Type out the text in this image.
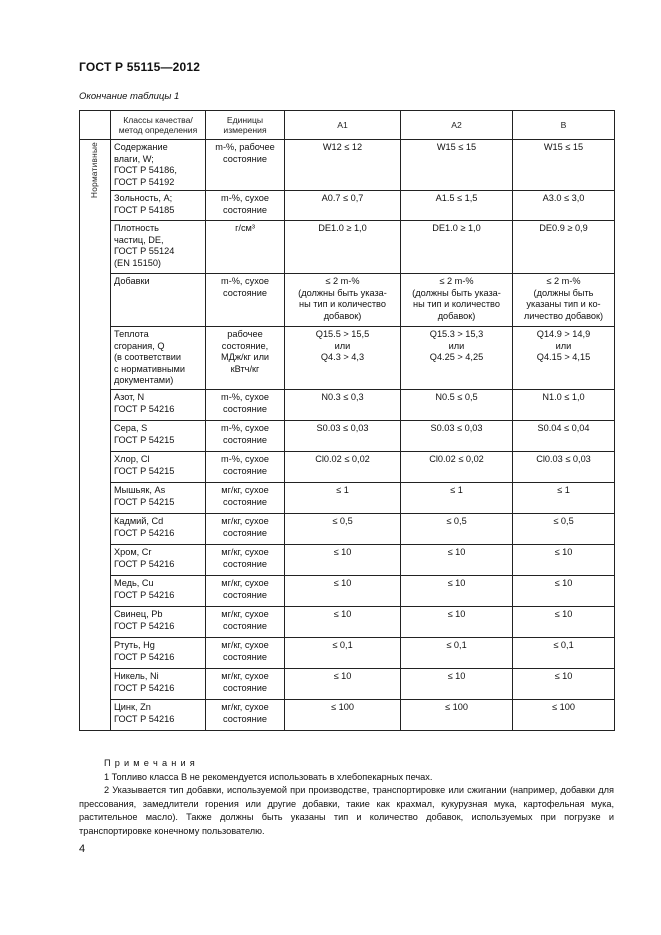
ГОСТ Р 55115—2012
Окончание таблицы 1
	Классы качества/
метод определения	Единицы
измерения	A1	A2	B

Нормативные	Содержание
влаги, W;
ГОСТ Р 54186,
ГОСТ Р 54192	m-%, рабочее
состояние	W12 ≤ 12	W15 ≤ 15	W15 ≤ 15
	Зольность, A;
ГОСТ Р 54185	m-%, сухое
состояние	A0.7 ≤ 0,7	A1.5 ≤ 1,5	A3.0 ≤ 3,0
	Плотность
частиц, DE,
ГОСТ Р 55124
(EN 15150)	г/см³	DE1.0 ≥ 1,0	DE1.0 ≥ 1,0	DE0.9 ≥ 0,9
	Добавки	m-%, сухое
состояние	≤ 2 m-%
(должны быть указа-
ны тип и количество
добавок)	≤ 2 m-%
(должны быть указа-
ны тип и количество
добавок)	≤ 2 m-%
(должны быть
указаны тип и ко-
личество добавок)
	Теплота
сгорания, Q
(в соответствии
с нормативными
документами)	рабочее
состояние,
МДж/кг или
кВтч/кг	Q15.5 > 15,5
или
Q4.3 > 4,3	Q15.3 > 15,3
или
Q4.25 > 4,25	Q14.9 > 14,9
или
Q4.15 > 4,15
	Азот, N
ГОСТ Р 54216	m-%, сухое
состояние	N0.3 ≤ 0,3	N0.5 ≤ 0,5	N1.0 ≤ 1,0
	Сера, S
ГОСТ Р 54215	m-%, сухое
состояние	S0.03 ≤ 0,03	S0.03 ≤ 0,03	S0.04 ≤ 0,04
	Хлор, Cl
ГОСТ Р 54215	m-%, сухое
состояние	Cl0.02 ≤ 0,02	Cl0.02 ≤ 0,02	Cl0.03 ≤ 0,03
	Мышьяк, As
ГОСТ Р 54215	мг/кг, сухое
состояние	≤ 1	≤ 1	≤ 1
	Кадмий, Cd
ГОСТ Р 54216	мг/кг, сухое
состояние	≤ 0,5	≤ 0,5	≤ 0,5
	Хром, Cr
ГОСТ Р 54216	мг/кг, сухое
состояние	≤ 10	≤ 10	≤ 10
	Медь, Cu
ГОСТ Р 54216	мг/кг, сухое
состояние	≤ 10	≤ 10	≤ 10
	Свинец, Pb
ГОСТ Р 54216	мг/кг, сухое
состояние	≤ 10	≤ 10	≤ 10
	Ртуть, Hg
ГОСТ Р 54216	мг/кг, сухое
состояние	≤ 0,1	≤ 0,1	≤ 0,1
	Никель, Ni
ГОСТ Р 54216	мг/кг, сухое
состояние	≤ 10	≤ 10	≤ 10
	Цинк, Zn
ГОСТ Р 54216	мг/кг, сухое
состояние	≤ 100	≤ 100	≤ 100
П р и м е ч а н и я
1 Топливо класса B не рекомендуется использовать в хлебопекарных печах.
2 Указывается тип добавки, используемой при производстве, транспортировке или сжигании (например, добавки для прессования, замедлители горения или другие добавки, такие как крахмал, кукурузная мука, картофельная мука, растительное масло). Также должны быть указаны тип и количество добавок, используемых при погрузке и транспортировке конечному пользователю.
4
